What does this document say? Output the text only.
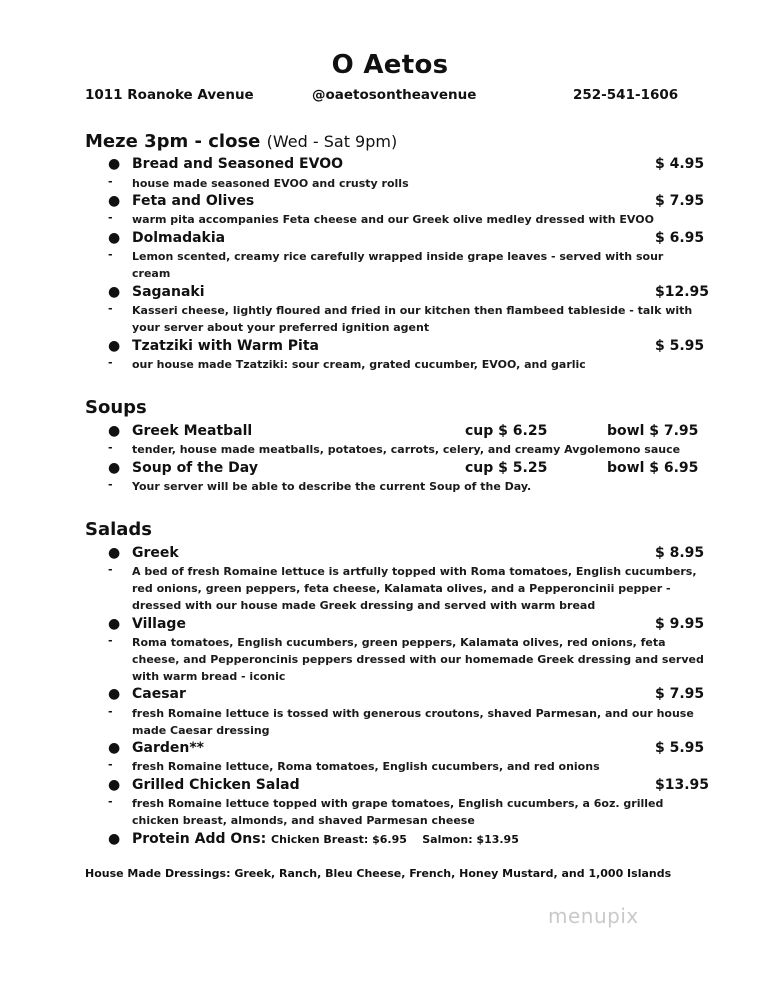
O Aetos
1011 Roanoke Avenue	@oaetosontheavenue	252-541-1606
Meze 3pm - close (Wed - Sat 9pm)
● Bread and Seasoned EVOO	$ 4.95
- house made seasoned EVOO and crusty rolls
● Feta and Olives	$ 7.95
- warm pita accompanies Feta cheese and our Greek olive medley dressed with EVOO
● Dolmadakia	$ 6.95
- Lemon scented, creamy rice carefully wrapped inside grape leaves - served with sour cream
● Saganaki	$12.95
- Kasseri cheese, lightly floured and fried in our kitchen then flambeed tableside - talk with your server about your preferred ignition agent
● Tzatziki with Warm Pita	$ 5.95
- our house made Tzatziki: sour cream, grated cucumber, EVOO, and garlic
Soups
● Greek Meatball	cup $ 6.25	bowl $ 7.95
- tender, house made meatballs, potatoes, carrots, celery, and creamy Avgolemono sauce
● Soup of the Day	cup $ 5.25	bowl $ 6.95
- Your server will be able to describe the current Soup of the Day.
Salads
● Greek	$ 8.95
- A bed of fresh Romaine lettuce is artfully topped with Roma tomatoes, English cucumbers, red onions, green peppers, feta cheese, Kalamata olives, and a Pepperoncinii pepper - dressed with our house made Greek dressing and served with warm bread
● Village	$ 9.95
- Roma tomatoes, English cucumbers, green peppers, Kalamata olives, red onions, feta cheese, and Pepperoncinis peppers dressed with our homemade Greek dressing and served with warm bread - iconic
● Caesar	$ 7.95
- fresh Romaine lettuce is tossed with generous croutons, shaved Parmesan, and our house made Caesar dressing
● Garden**	$ 5.95
- fresh Romaine lettuce, Roma tomatoes, English cucumbers, and red onions
● Grilled Chicken Salad	$13.95
- fresh Romaine lettuce topped with grape tomatoes, English cucumbers, a 6oz. grilled chicken breast, almonds, and shaved Parmesan cheese
● Protein Add Ons: Chicken Breast: $6.95    Salmon: $13.95
House Made Dressings: Greek, Ranch, Bleu Cheese, French, Honey Mustard, and 1,000 Islands
menupix
